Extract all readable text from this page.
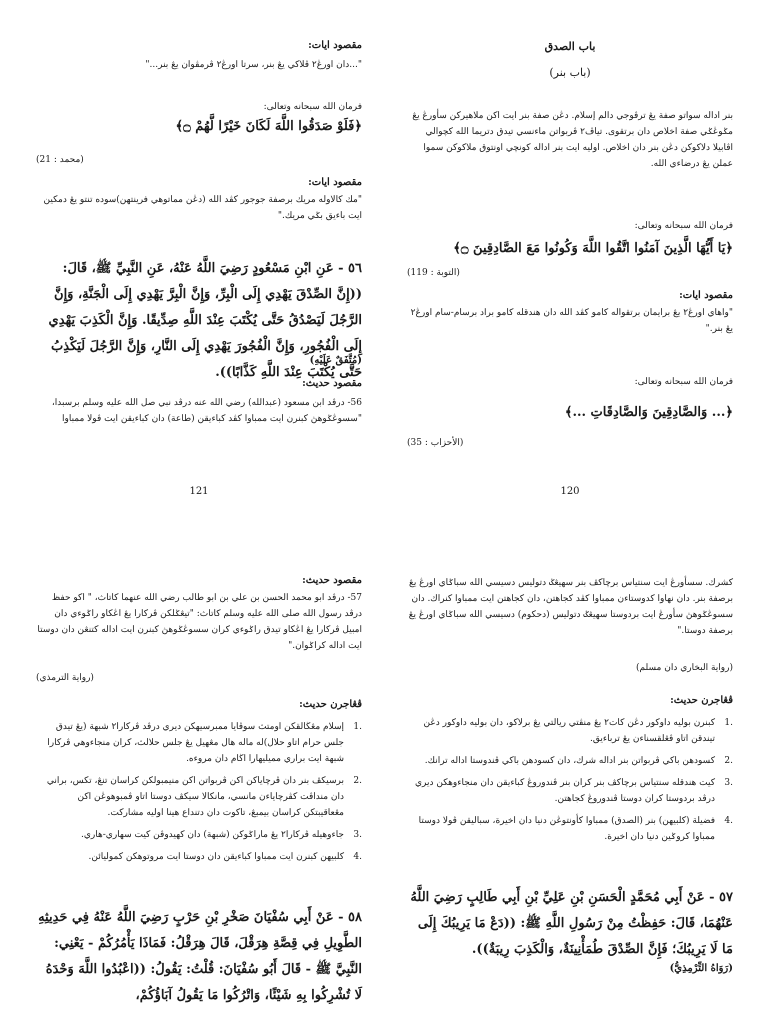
مقصود ايات:

"...دان اورڠ٢ ڤلاكي يڠ بنر، سرتا اورڠ٢ ڤرمڤوان يڠ بنر..."

فرمان الله سبحانه وتعالى:

﴿فَلَوْ صَدَقُوا اللَّهَ لَكَانَ خَيْرًا لَّهُمْ ۝﴾

(محمد : 21)

مقصود ايات:

"مك كالاولە مريك برصفة جوجور كڤد الله (دڠن مماتوهي فرينتهن)سوده تنتو يڠ دمكين ايت باءيق بݢي مريك."

٥٦ - عَنِ ابْنِ مَسْعُودٍ رَضِيَ اللَّهُ عَنْهُ، عَنِ النَّبِيِّ ﷺ، قَالَ: ((إِنَّ الصِّدْقَ يَهْدِي إِلَى الْبِرِّ، وَإِنَّ الْبِرَّ يَهْدِي إِلَى الْجَنَّةِ، وَإِنَّ الرَّجُلَ لَيَصْدُقُ حَتَّى يُكْتَبَ عِنْدَ اللَّهِ صِدِّيقًا. وَإِنَّ الْكَذِبَ يَهْدِي إِلَى الْفُجُورِ، وَإِنَّ الْفُجُورَ يَهْدِي إِلَى النَّارِ، وَإِنَّ الرَّجُلَ لَيَكْذِبُ حَتَّى يُكْتَبَ عِنْدَ اللَّهِ كَذَّابًا)).

(مُتَّفَقٌ عَلَيْهِ)

مقصود حديث:

56- درڤد ابن مسعود (عبدالله) رضي الله عنه درڤد نبي صل الله عليه وسلم برسبدا، "سسوڠݢوهڽ كبنرن ايت ممباوا كڤد كباءيقن (طاعة) دان كباءيقن ايت ڤولا ممباوا

121

باب الصدق

(باب بنر)

بنر اداله سواتو صفة يڠ ترڤوجي دالم إسلام. دڠن صفة بنر ايت اكن ملاهيركن سأورڠ يڠ مݢوڠݢي صفة اخلاص دان برتقوى. تياڤ٢ ڤربواتن ماءنسي تيدق دتريما الله كچوالي اڤابيلا دلاكوكن دڠن بنر دان اخلاص. اوليه ايت بنر اداله كونچي اونتوق ملاكوكن سموا عملن يڠ درضاءي الله.

فرمان الله سبحانه وتعالى:

﴿يَا أَيُّهَا الَّذِينَ آمَنُوا اتَّقُوا اللَّهَ وَكُونُوا مَعَ الصَّادِقِينَ ۝﴾

(التوبة : 119)

مقصود ايات:

"واهاي اورڠ٢ يڠ برايمان برتقوالە كامو كڤد الله دان هندقله كامو براد برسام-سام اورڠ٢ يڠ بنر."

فرمان الله سبحانه وتعالى:

﴿... وَالصَّادِقِينَ وَالصَّادِقَاتِ ...﴾

(الأحزاب : 35)

120

مقصود حديث:

57- درڤد ابو محمد الحسن بن علي بن ابو طالب رضي الله عنهما كاتاث، " اكو حفظ درڤد رسول الله صلى الله عليه وسلم كاتاث: "تيڠݢلكن ڤركارا يڠ اڠكاو راݢوءي دان امبيل ڤركارا يڠ اڠكاو تيدق راݢوءي كران سسوڠݢوهڽ كبنرن ايت اداله كتنڠن دان دوستا ايت اداله كراݢوان."

(رواية الترمذي)

ڤڠاجرن حديث:

.1
إسلام مڠڬالقكن اومتث سوڤايا ممبرسيهكن ديري درڤد ڤركارا٢ شبهة (يڠ تيدق جلس حرام اتاو حلال)له ماله هال مڠهيل يڠ جلس حلالث، كران منجاءوهي ڤركارا شبهة ايت براري مميليهارا اڬام دان مروءه.
.2
برسيكڤ بنر دان ڤرچاياكن اكن ڤربواتن اكن منيمبولكن كراسان تنڠ، تكس، براني دان منداڤت كڤرچاياءن مانسي، مانكالا سيكڤ دوستا اتاو ڤمبوهوڠن اكن مڠعاقيبتكن كراسان بيمبڠ، تاكوت دان دتنداع هينا اوليه مشاركت.
.3
جاءوهيله ڤركارا٢ يڠ ماراݢوكن (شبهة) دان كهيدوڤن كيت سهاري-هاري.
.4
كلبيهن كبنرن ايت ممباوا كباءيقن دان دوستا ايت مروتوهكن كموليائن.

٥٨ - عَنْ أَبِي سُفْيَانَ صَخْرِ بْنِ حَرْبٍ رَضِيَ اللَّهُ عَنْهُ فِي حَدِيثِهِ الطَّوِيلِ فِي قِصَّةِ هِرَقْلَ، قَالَ هِرَقْلُ: فَمَاذَا يَأْمُرُكُمْ - يَعْنِي: النَّبِيَّ ﷺ - قَالَ أَبُو سُفْيَانَ: قُلْتُ: يَقُولُ: ((اعْبُدُوا اللَّهَ وَحْدَهُ لَا تُشْرِكُوا بِهِ شَيْئًا، وَاتْرُكُوا مَا يَقُولُ آبَاؤُكُمْ،

كشرك. سسأورڠ ايت سنتياس برچاكڤ بنر سهيڠݢ دتوليس دسيسي الله سباݢاي اورڠ يڠ برصفة بنر. دان نهاوا كدوستاءن ممباوا كڤد كجاهتن، دان كجاهتن ايت ممباوا كنراك. دان سسوڠݢوهڽ سأورڠ ايت بردوستا سهيڠݢ دتوليس (دحكوم) دسيسي الله سباݢاي اورڠ يڠ برصفة دوستا."

(رواية البخاري دان مسلم)

ڤڠاجرن حديث:

.1
كبنرن بوليه داوكور دڠن كات٢ يڠ منڤتي ريالتي يڠ برلاكو، دان بوليه داوكور دڠن تيندقن اتاو ڤڠلقسناءن يڠ ترباءيق.
.2
كسودهن باكي ڤربواتن بنر اداله شرك، دان كسودهن باكي ڤندوستا اداله ترانك.
.3
كيت هندقله سنتياس برچاكڤ بنر كران بنر ڤندوروڠ كباءيقن دان منجاءوهكن ديري درڤد بردوستا كران دوستا ڤندوروڠ كجاهتن.
.4
فضيلة (كلبيهن) بنر (الصدق) ممباوا كأونتوڠن دنيا دان اخيرة، سباليقن ڤولا دوستا ممباوا كروݢين دنيا دان اخيرة.

٥٧ - عَنْ أَبِي مُحَمَّدٍ الْحَسَنِ بْنِ عَلِيِّ بْنِ أَبِي طَالِبٍ رَضِيَ اللَّهُ عَنْهُمَا، قَالَ: حَفِظْتُ مِنْ رَسُولِ اللَّهِ ﷺ: ((دَعْ مَا يَرِيبُكَ إِلَى مَا لَا يَرِيبُكَ؛ فَإِنَّ الصِّدْقَ طُمَأْنِينَةٌ، وَالْكَذِبَ رِيبَةٌ)).

(رَوَاهُ التِّرْمِذِيُّ)
